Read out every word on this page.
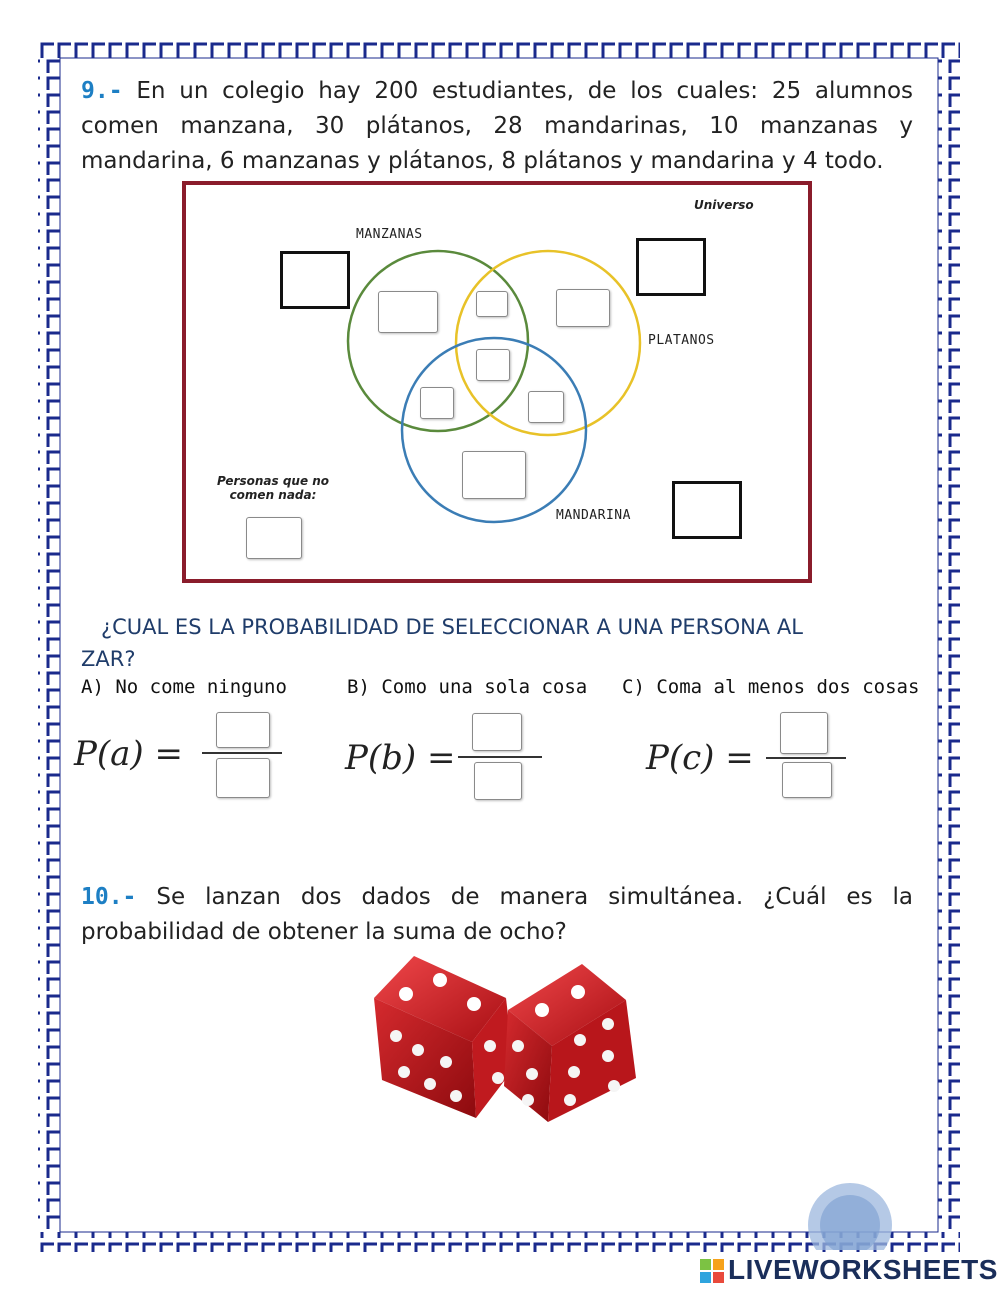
9.- En un colegio hay 200 estudiantes, de los cuales: 25 alumnos comen manzana, 30 plátanos, 28 mandarinas, 10 manzanas y mandarina, 6 manzanas y plátanos, 8 plátanos y mandarina y 4 todo.
Universo
MANZANAS
PLATANOS
MANDARINA
Personas que no
comen nada:
¿CUAL ES LA PROBABILIDAD DE SELECCIONAR A UNA PERSONA AL
ZAR?
A) No come ninguno	B) Como una sola cosa C) Coma al menos dos cosas
P(a) =	P(b) =	P(c) =
10.- Se lanzan dos dados de manera simultánea. ¿Cuál es la probabilidad de obtener la suma de ocho?
LIVEWORKSHEETS
